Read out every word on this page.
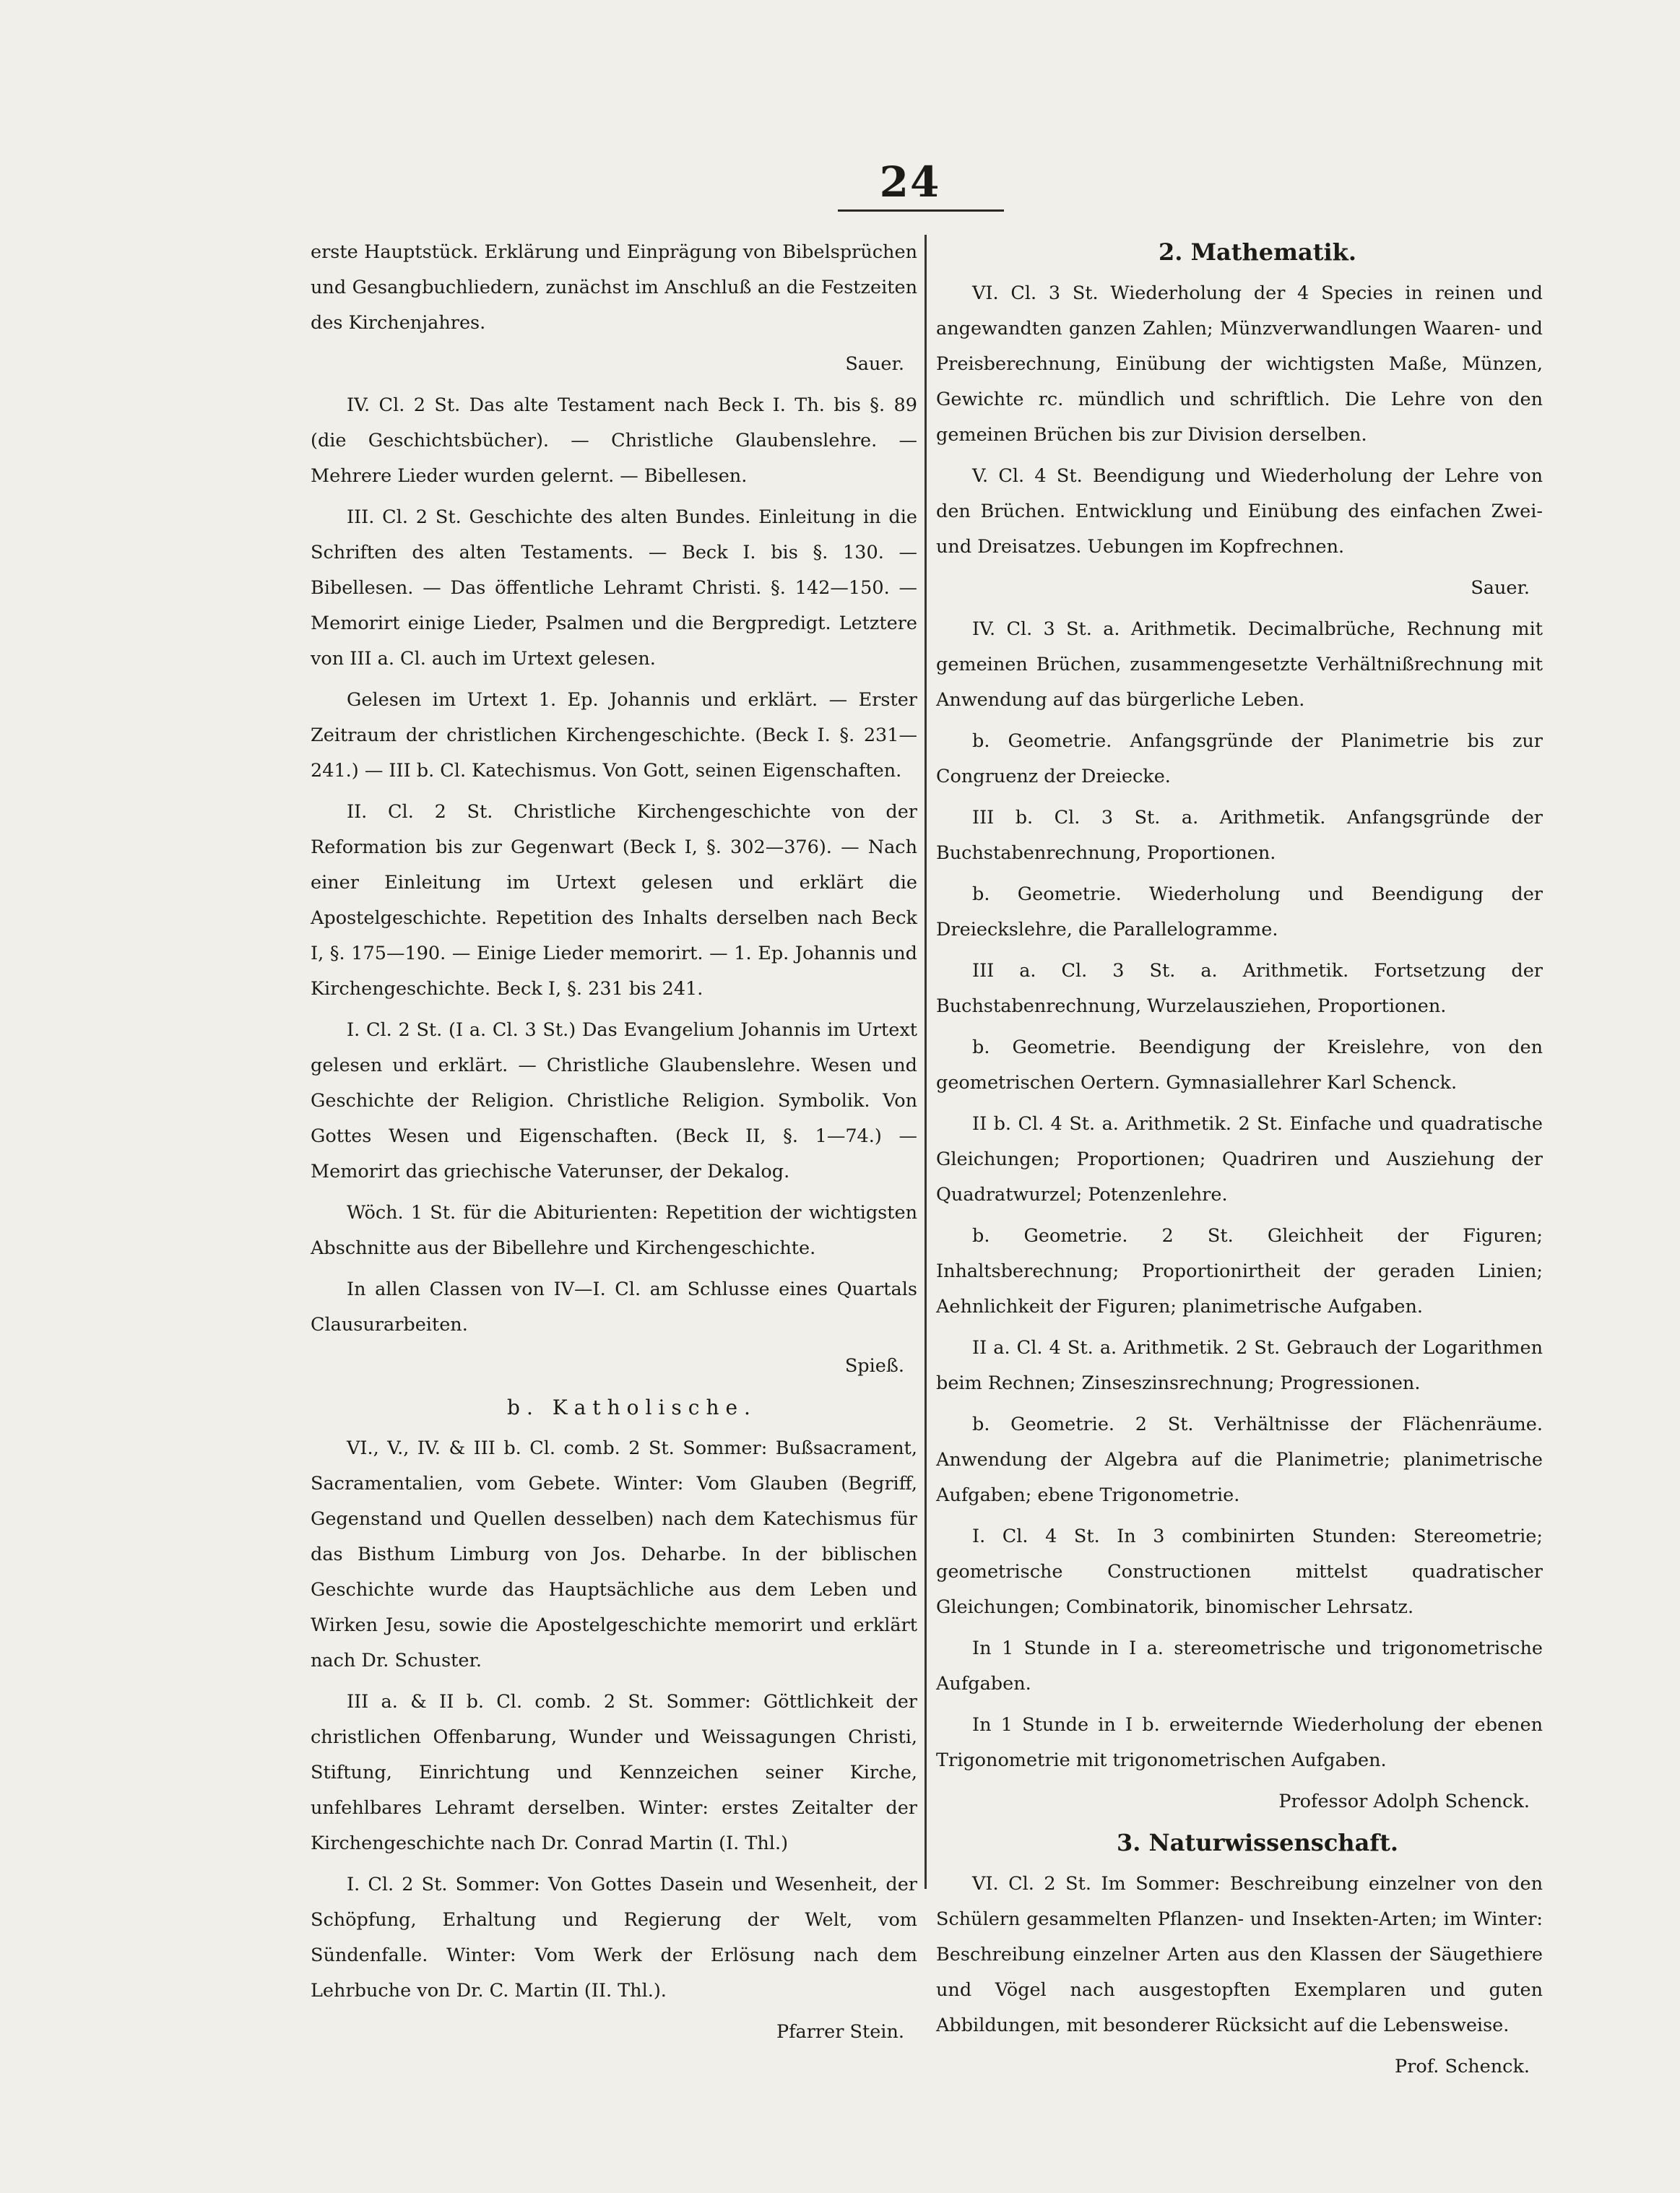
24

erste Hauptstück. Erklärung und Einprägung von Bibelsprüchen und Gesangbuchliedern, zunächst im Anschluß an die Festzeiten des Kirchenjahres.

Sauer.

IV. Cl. 2 St. Das alte Testament nach Beck I. Th. bis §. 89 (die Geschichtsbücher). — Christliche Glaubenslehre. — Mehrere Lieder wurden gelernt. — Bibellesen.

III. Cl. 2 St. Geschichte des alten Bundes. Einleitung in die Schriften des alten Testaments. — Beck I. bis §. 130. — Bibellesen. — Das öffentliche Lehramt Christi. §. 142—150. — Memorirt einige Lieder, Psalmen und die Bergpredigt. Letztere von III a. Cl. auch im Urtext gelesen.

Gelesen im Urtext 1. Ep. Johannis und erklärt. — Erster Zeitraum der christlichen Kirchengeschichte. (Beck I. §. 231—241.) — III b. Cl. Katechismus. Von Gott, seinen Eigenschaften.

II. Cl. 2 St. Christliche Kirchengeschichte von der Reformation bis zur Gegenwart (Beck I, §. 302—376). — Nach einer Einleitung im Urtext gelesen und erklärt die Apostelgeschichte. Repetition des Inhalts derselben nach Beck I, §. 175—190. — Einige Lieder memorirt. — 1. Ep. Johannis und Kirchengeschichte. Beck I, §. 231 bis 241.

I. Cl. 2 St. (I a. Cl. 3 St.) Das Evangelium Johannis im Urtext gelesen und erklärt. — Christliche Glaubenslehre. Wesen und Geschichte der Religion. Christliche Religion. Symbolik. Von Gottes Wesen und Eigenschaften. (Beck II, §. 1—74.) — Memorirt das griechische Vaterunser, der Dekalog.

Wöch. 1 St. für die Abiturienten: Repetition der wichtigsten Abschnitte aus der Bibellehre und Kirchengeschichte.

In allen Classen von IV—I. Cl. am Schlusse eines Quartals Clausurarbeiten.

Spieß.

b. Katholische.

VI., V., IV. & III b. Cl. comb. 2 St. Sommer: Bußsacrament, Sacramentalien, vom Gebete. Winter: Vom Glauben (Begriff, Gegenstand und Quellen desselben) nach dem Katechismus für das Bisthum Limburg von Jos. Deharbe. In der biblischen Geschichte wurde das Hauptsächliche aus dem Leben und Wirken Jesu, sowie die Apostelgeschichte memorirt und erklärt nach Dr. Schuster.

III a. & II b. Cl. comb. 2 St. Sommer: Göttlichkeit der christlichen Offenbarung, Wunder und Weissagungen Christi, Stiftung, Einrichtung und Kennzeichen seiner Kirche, unfehlbares Lehramt derselben. Winter: erstes Zeitalter der Kirchengeschichte nach Dr. Conrad Martin (I. Thl.)

I. Cl. 2 St. Sommer: Von Gottes Dasein und Wesenheit, der Schöpfung, Erhaltung und Regierung der Welt, vom Sündenfalle. Winter: Vom Werk der Erlösung nach dem Lehrbuche von Dr. C. Martin (II. Thl.).

Pfarrer Stein.

2. Mathematik.

VI. Cl. 3 St. Wiederholung der 4 Species in reinen und angewandten ganzen Zahlen; Münzverwandlungen Waaren- und Preisberechnung, Einübung der wichtigsten Maße, Münzen, Gewichte rc. mündlich und schriftlich. Die Lehre von den gemeinen Brüchen bis zur Division derselben.

V. Cl. 4 St. Beendigung und Wiederholung der Lehre von den Brüchen. Entwicklung und Einübung des einfachen Zwei- und Dreisatzes. Uebungen im Kopfrechnen.

Sauer.

IV. Cl. 3 St. a. Arithmetik. Decimalbrüche, Rechnung mit gemeinen Brüchen, zusammengesetzte Verhältnißrechnung mit Anwendung auf das bürgerliche Leben.

b. Geometrie. Anfangsgründe der Planimetrie bis zur Congruenz der Dreiecke.

III b. Cl. 3 St. a. Arithmetik. Anfangsgründe der Buchstabenrechnung, Proportionen.

b. Geometrie. Wiederholung und Beendigung der Dreieckslehre, die Parallelogramme.

III a. Cl. 3 St. a. Arithmetik. Fortsetzung der Buchstabenrechnung, Wurzelausziehen, Proportionen.

b. Geometrie. Beendigung der Kreislehre, von den geometrischen Oertern. Gymnasiallehrer Karl Schenck.

II b. Cl. 4 St. a. Arithmetik. 2 St. Einfache und quadratische Gleichungen; Proportionen; Quadriren und Ausziehung der Quadratwurzel; Potenzenlehre.

b. Geometrie. 2 St. Gleichheit der Figuren; Inhaltsberechnung; Proportionirtheit der geraden Linien; Aehnlichkeit der Figuren; planimetrische Aufgaben.

II a. Cl. 4 St. a. Arithmetik. 2 St. Gebrauch der Logarithmen beim Rechnen; Zinseszinsrechnung; Progressionen.

b. Geometrie. 2 St. Verhältnisse der Flächenräume. Anwendung der Algebra auf die Planimetrie; planimetrische Aufgaben; ebene Trigonometrie.

I. Cl. 4 St. In 3 combinirten Stunden: Stereometrie; geometrische Constructionen mittelst quadratischer Gleichungen; Combinatorik, binomischer Lehrsatz.

In 1 Stunde in I a. stereometrische und trigonometrische Aufgaben.

In 1 Stunde in I b. erweiternde Wiederholung der ebenen Trigonometrie mit trigonometrischen Aufgaben.

Professor Adolph Schenck.

3. Naturwissenschaft.

VI. Cl. 2 St. Im Sommer: Beschreibung einzelner von den Schülern gesammelten Pflanzen- und Insekten-Arten; im Winter: Beschreibung einzelner Arten aus den Klassen der Säugethiere und Vögel nach ausgestopften Exemplaren und guten Abbildungen, mit besonderer Rücksicht auf die Lebensweise.

Prof. Schenck.
